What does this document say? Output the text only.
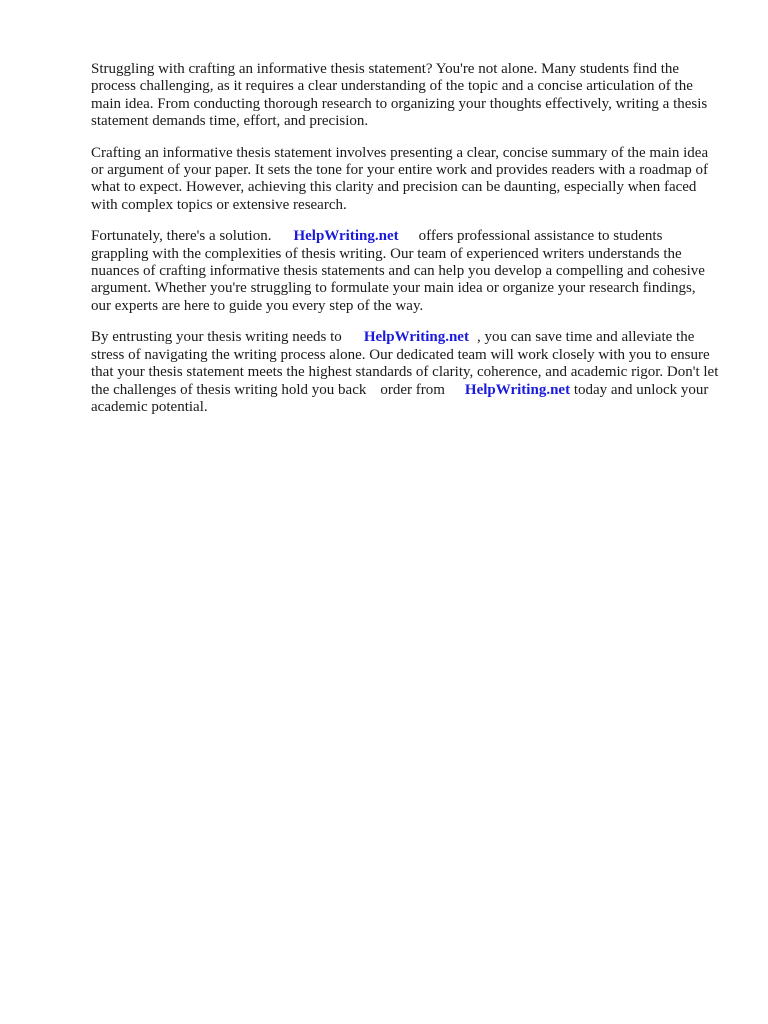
Struggling with crafting an informative thesis statement? You're not alone. Many students find the process challenging, as it requires a clear understanding of the topic and a concise articulation of the main idea. From conducting thorough research to organizing your thoughts effectively, writing a thesis statement demands time, effort, and precision.

Crafting an informative thesis statement involves presenting a clear, concise summary of the main idea or argument of your paper. It sets the tone for your entire work and provides readers with a roadmap of what to expect. However, achieving this clarity and precision can be daunting, especially when faced with complex topics or extensive research.

Fortunately, there's a solution. HelpWriting.net offers professional assistance to students grappling with the complexities of thesis writing. Our team of experienced writers understands the nuances of crafting informative thesis statements and can help you develop a compelling and cohesive argument. Whether you're struggling to formulate your main idea or organize your research findings, our experts are here to guide you every step of the way.

By entrusting your thesis writing needs to HelpWriting.net , you can save time and alleviate the stress of navigating the writing process alone. Our dedicated team will work closely with you to ensure that your thesis statement meets the highest standards of clarity, coherence, and academic rigor. Don't let the challenges of thesis writing hold you back order from HelpWriting.net today and unlock your academic potential.
